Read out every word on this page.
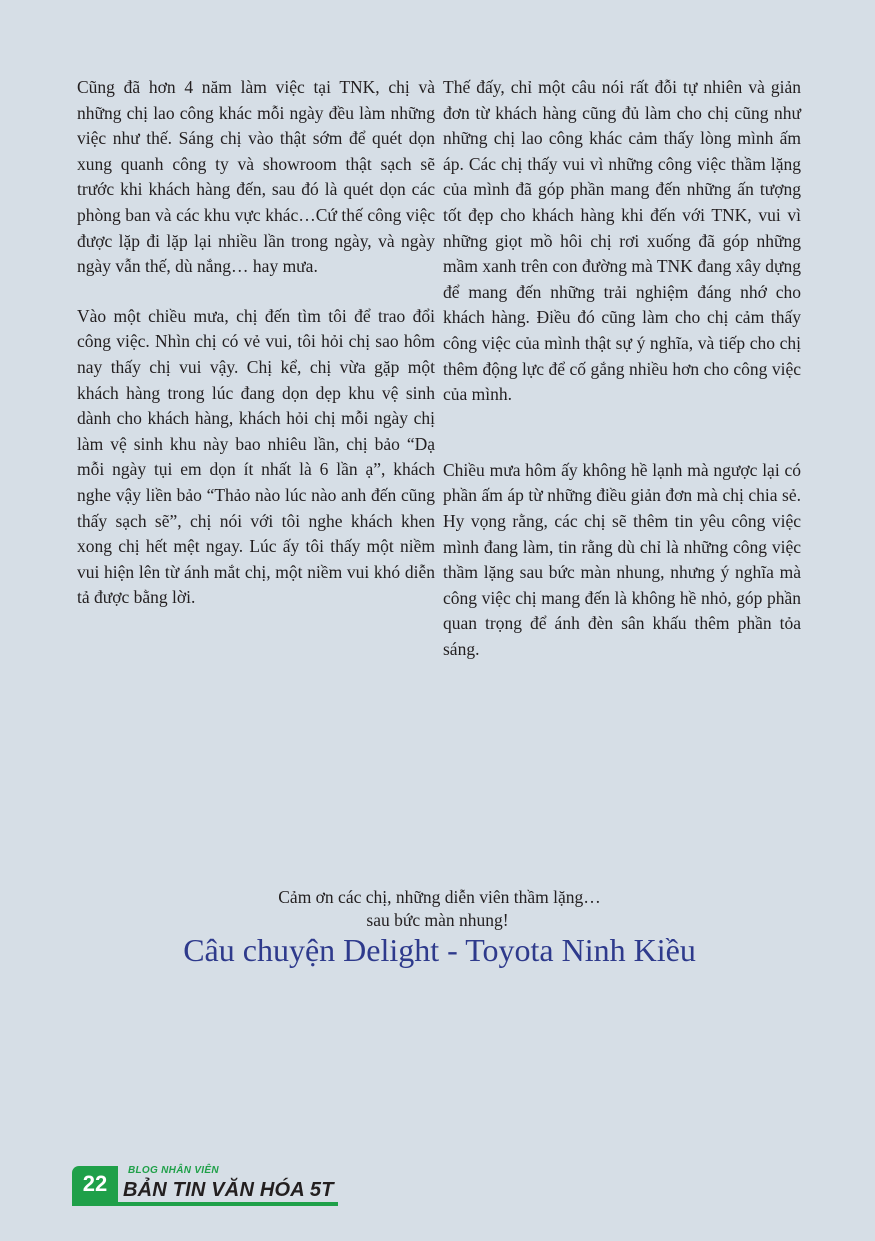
Cũng đã hơn 4 năm làm việc tại TNK, chị và những chị lao công khác mỗi ngày đều làm những việc như thế. Sáng chị vào thật sớm để quét dọn xung quanh công ty và showroom thật sạch sẽ trước khi khách hàng đến, sau đó là quét dọn các phòng ban và các khu vực khác…Cứ thế công việc được lặp đi lặp lại nhiều lần trong ngày, và ngày ngày vẫn thế, dù nắng… hay mưa.

Vào một chiều mưa, chị đến tìm tôi để trao đổi công việc. Nhìn chị có vẻ vui, tôi hỏi chị sao hôm nay thấy chị vui vậy. Chị kể, chị vừa gặp một khách hàng trong lúc đang dọn dẹp khu vệ sinh dành cho khách hàng, khách hỏi chị mỗi ngày chị làm vệ sinh khu này bao nhiêu lần, chị bảo “Dạ mỗi ngày tụi em dọn ít nhất là 6 lần ạ”, khách nghe vậy liền bảo “Thảo nào lúc nào anh đến cũng thấy sạch sẽ”, chị nói với tôi nghe khách khen xong chị hết mệt ngay. Lúc ấy tôi thấy một niềm vui hiện lên từ ánh mắt chị, một niềm vui khó diễn tả được bằng lời.

Thế đấy, chỉ một câu nói rất đỗi tự nhiên và giản đơn từ khách hàng cũng đủ làm cho chị cũng như những chị lao công khác cảm thấy lòng mình ấm áp. Các chị thấy vui vì những công việc thầm lặng của mình đã góp phần mang đến những ấn tượng tốt đẹp cho khách hàng khi đến với TNK, vui vì những giọt mồ hôi chị rơi xuống đã góp những mầm xanh trên con đường mà TNK đang xây dựng để mang đến những trải nghiệm đáng nhớ cho khách hàng. Điều đó cũng làm cho chị cảm thấy công việc của mình thật sự ý nghĩa, và tiếp cho chị thêm động lực để cố gắng nhiều hơn cho công việc của mình.

Chiều mưa hôm ấy không hề lạnh mà ngược lại có phần ấm áp từ những điều giản đơn mà chị chia sẻ. Hy vọng rằng, các chị sẽ thêm tin yêu công việc mình đang làm, tin rằng dù chỉ là những công việc thầm lặng sau bức màn nhung, nhưng ý nghĩa mà công việc chị mang đến là không hề nhỏ, góp phần quan trọng để ánh đèn sân khấu thêm phần tỏa sáng.

Cảm ơn các chị, những diễn viên thầm lặng…
sau bức màn nhung!
Câu chuyện Delight - Toyota Ninh Kiều
22
BLOG NHÂN VIÊN
BẢN TIN VĂN HÓA 5T
